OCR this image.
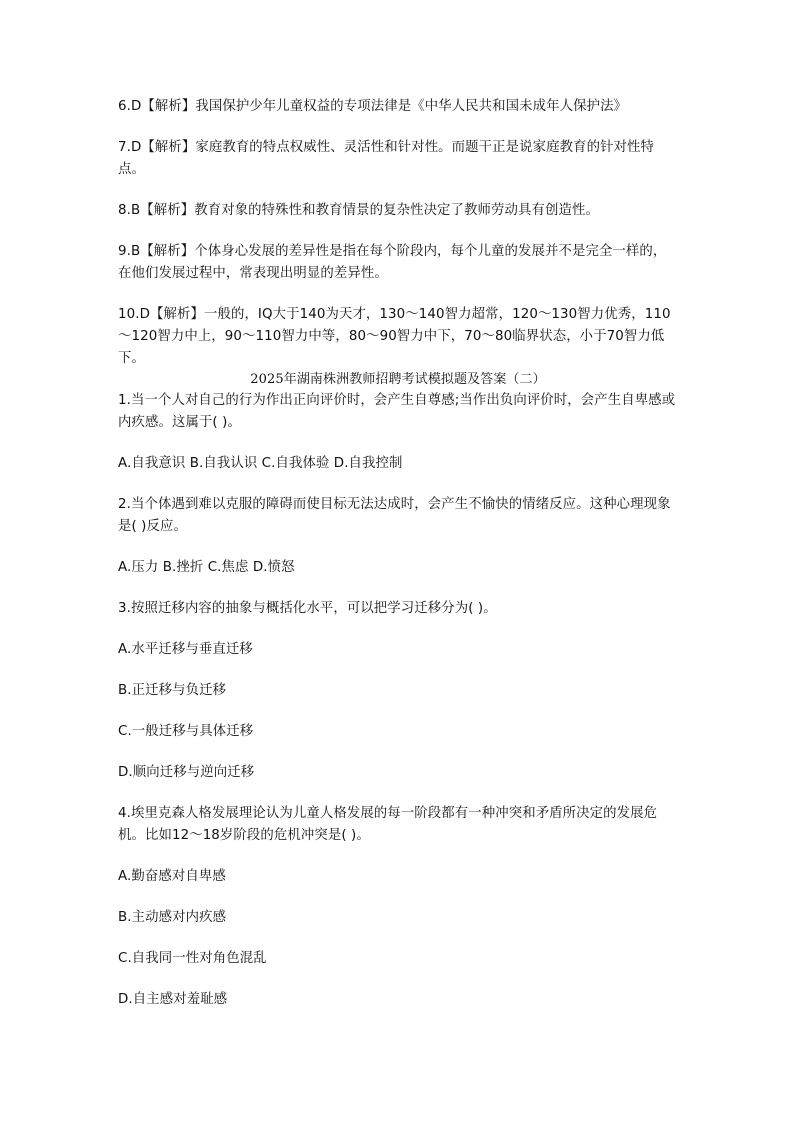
6.D【解析】我国保护少年儿童权益的专项法律是《中华人民共和国未成年人保护法》

7.D【解析】家庭教育的特点权威性、灵活性和针对性。而题干正是说家庭教育的针对性特点。

8.B【解析】教育对象的特殊性和教育情景的复杂性决定了教师劳动具有创造性。

9.B【解析】个体身心发展的差异性是指在每个阶段内，每个儿童的发展并不是完全一样的，在他们发展过程中，常表现出明显的差异性。

10.D【解析】一般的，IQ大于140为天才，130～140智力超常，120～130智力优秀，110～120智力中上，90～110智力中等，80～90智力中下，70～80临界状态，小于70智力低下。

2025年湖南株洲教师招聘考试模拟题及答案（二）

1.当一个人对自己的行为作出正向评价时，会产生自尊感;当作出负向评价时，会产生自卑感或内疚感。这属于( )。

A.自我意识 B.自我认识 C.自我体验 D.自我控制

2.当个体遇到难以克服的障碍而使目标无法达成时，会产生不愉快的情绪反应。这种心理现象是( )反应。

A.压力 B.挫折 C.焦虑 D.愤怒

3.按照迁移内容的抽象与概括化水平，可以把学习迁移分为( )。

A.水平迁移与垂直迁移

B.正迁移与负迁移

C.一般迁移与具体迁移

D.顺向迁移与逆向迁移

4.埃里克森人格发展理论认为儿童人格发展的每一阶段都有一种冲突和矛盾所决定的发展危机。比如12～18岁阶段的危机冲突是( )。

A.勤奋感对自卑感

B.主动感对内疚感

C.自我同一性对角色混乱

D.自主感对羞耻感
